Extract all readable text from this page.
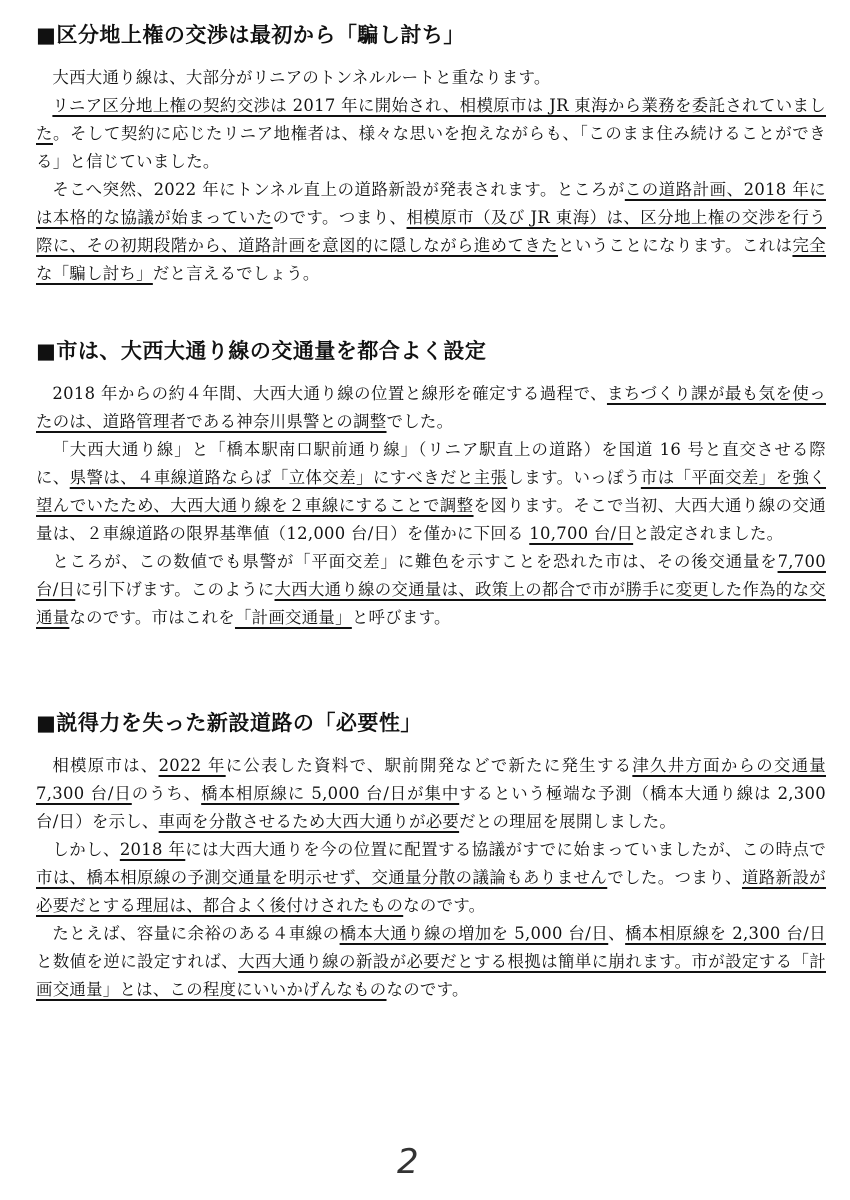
■区分地上権の交渉は最初から「騙し討ち」

大西大通り線は、大部分がリニアのトンネルルートと重なります。

リニア区分地上権の契約交渉は 2017 年に開始され、相模原市は JR 東海から業務を委託されていました。そして契約に応じたリニア地権者は、様々な思いを抱えながらも、「このまま住み続けることができる」と信じていました。

そこへ突然、2022 年にトンネル直上の道路新設が発表されます。ところがこの道路計画、2018 年には本格的な協議が始まっていたのです。つまり、相模原市（及び JR 東海）は、区分地上権の交渉を行う際に、その初期段階から、道路計画を意図的に隠しながら進めてきたということになります。これは完全な「騙し討ち」だと言えるでしょう。

■市は、大西大通り線の交通量を都合よく設定

2018 年からの約４年間、大西大通り線の位置と線形を確定する過程で、まちづくり課が最も気を使ったのは、道路管理者である神奈川県警との調整でした。

「大西大通り線」と「橋本駅南口駅前通り線」（リニア駅直上の道路）を国道 16 号と直交させる際に、県警は、４車線道路ならば「立体交差」にすべきだと主張します。いっぽう市は「平面交差」を強く望んでいたため、大西大通り線を２車線にすることで調整を図ります。そこで当初、大西大通り線の交通量は、２車線道路の限界基準値（12,000 台/日）を僅かに下回る 10,700 台/日と設定されました。

ところが、この数値でも県警が「平面交差」に難色を示すことを恐れた市は、その後交通量を7,700 台/日に引下げます。このように大西大通り線の交通量は、政策上の都合で市が勝手に変更した作為的な交通量なのです。市はこれを「計画交通量」と呼びます。

■説得力を失った新設道路の「必要性」

相模原市は、2022 年に公表した資料で、駅前開発などで新たに発生する津久井方面からの交通量 7,300 台/日のうち、橋本相原線に 5,000 台/日が集中するという極端な予測（橋本大通り線は 2,300 台/日）を示し、車両を分散させるため大西大通りが必要だとの理屈を展開しました。

しかし、2018 年には大西大通りを今の位置に配置する協議がすでに始まっていましたが、この時点で市は、橋本相原線の予測交通量を明示せず、交通量分散の議論もありませんでした。つまり、道路新設が必要だとする理屈は、都合よく後付けされたものなのです。

たとえば、容量に余裕のある４車線の橋本大通り線の増加を 5,000 台/日、橋本相原線を 2,300 台/日と数値を逆に設定すれば、大西大通り線の新設が必要だとする根拠は簡単に崩れます。市が設定する「計画交通量」とは、この程度にいいかげんなものなのです。

2
